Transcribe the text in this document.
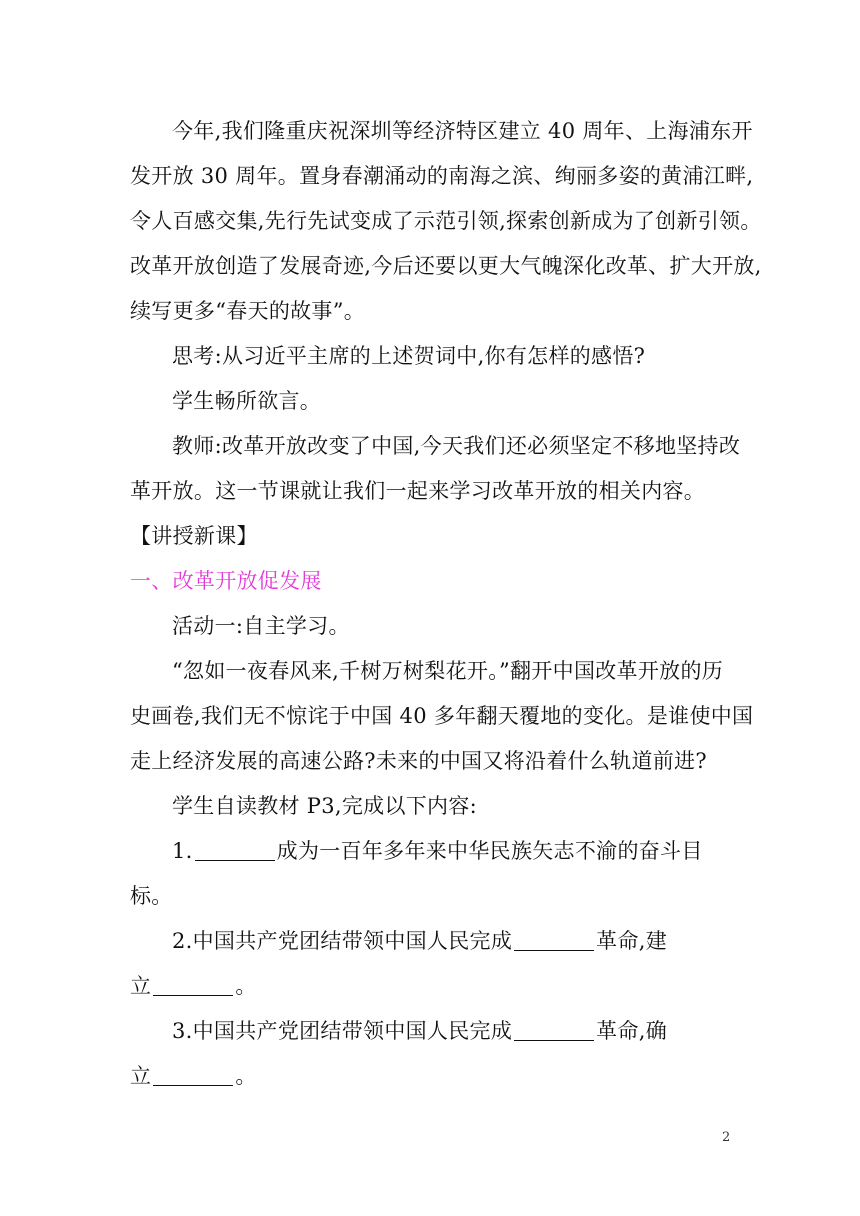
今年,我们隆重庆祝深圳等经济特区建立 40 周年、上海浦东开
发开放 30 周年。置身春潮涌动的南海之滨、绚丽多姿的黄浦江畔,
令人百感交集,先行先试变成了示范引领,探索创新成为了创新引领。
改革开放创造了发展奇迹,今后还要以更大气魄深化改革、扩大开放,
续写更多“春天的故事”。
思考:从习近平主席的上述贺词中,你有怎样的感悟?
学生畅所欲言。
教师:改革开放改变了中国,今天我们还必须坚定不移地坚持改
革开放。这一节课就让我们一起来学习改革开放的相关内容。
【讲授新课】
一、改革开放促发展
活动一:自主学习。
“忽如一夜春风来,千树万树梨花开。”翻开中国改革开放的历
史画卷,我们无不惊诧于中国 40 多年翻天覆地的变化。是谁使中国
走上经济发展的高速公路?未来的中国又将沿着什么轨道前进?
学生自读教材 P3,完成以下内容:
1.	成为一百年多年来中华民族矢志不渝的奋斗目
标。
2.中国共产党团结带领中国人民完成	革命,建
立	。
3.中国共产党团结带领中国人民完成	革命,确
立	。
2
